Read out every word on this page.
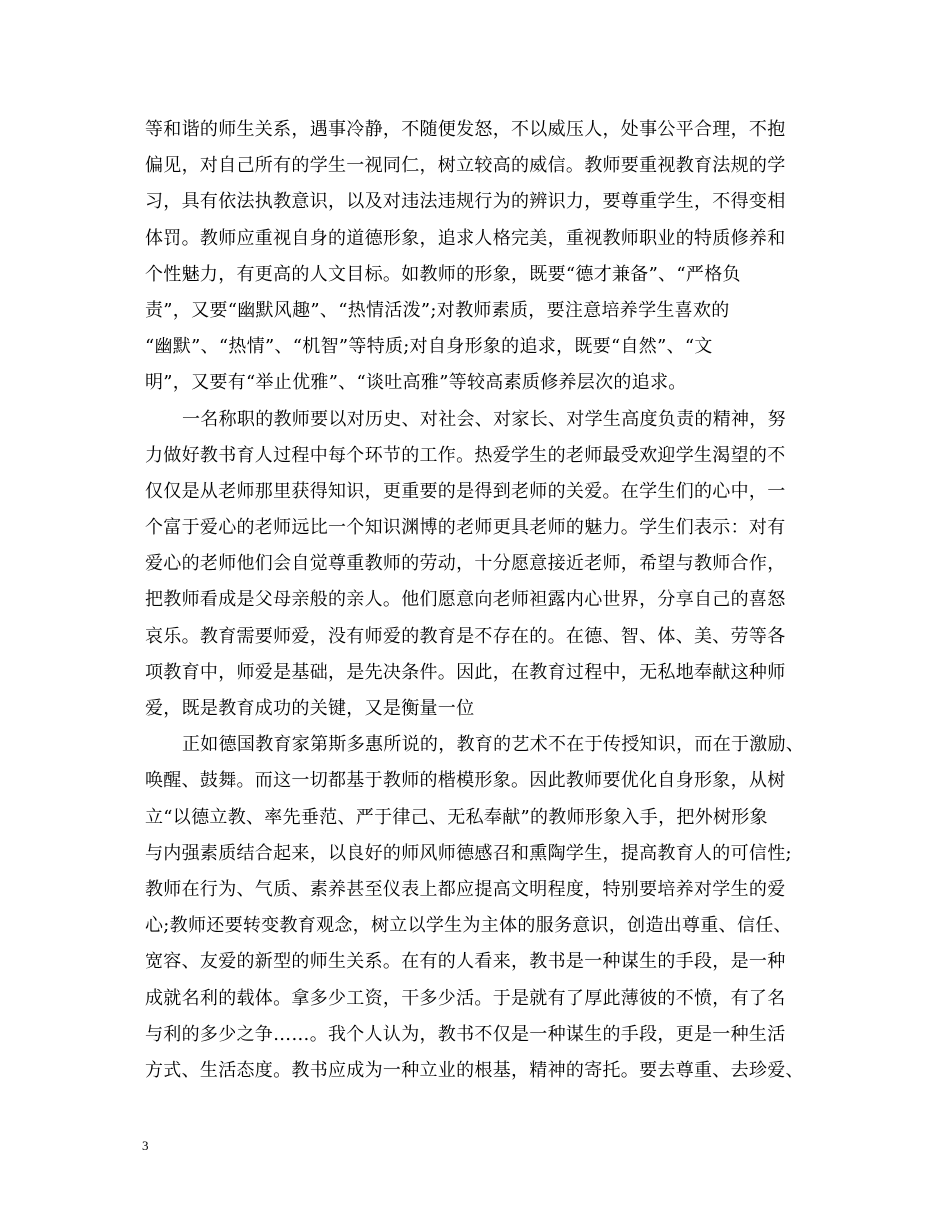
等和谐的师生关系，遇事冷静，不随便发怒，不以威压人，处事公平合理，不抱
偏见，对自己所有的学生一视同仁，树立较高的威信。教师要重视教育法规的学
习，具有依法执教意识，以及对违法违规行为的辨识力，要尊重学生，不得变相
体罚。教师应重视自身的道德形象，追求人格完美，重视教师职业的特质修养和
个性魅力，有更高的人文目标。如教师的形象，既要“德才兼备”、“严格负
责”，又要“幽默风趣”、“热情活泼”;对教师素质，要注意培养学生喜欢的
“幽默”、“热情”、“机智”等特质;对自身形象的追求，既要“自然”、“文
明”，又要有“举止优雅”、“谈吐高雅”等较高素质修养层次的追求。
一名称职的教师要以对历史、对社会、对家长、对学生高度负责的精神，努
力做好教书育人过程中每个环节的工作。热爱学生的老师最受欢迎学生渴望的不
仅仅是从老师那里获得知识，更重要的是得到老师的关爱。在学生们的心中，一
个富于爱心的老师远比一个知识渊博的老师更具老师的魅力。学生们表示：对有
爱心的老师他们会自觉尊重教师的劳动，十分愿意接近老师，希望与教师合作，
把教师看成是父母亲般的亲人。他们愿意向老师袒露内心世界，分享自己的喜怒
哀乐。教育需要师爱，没有师爱的教育是不存在的。在德、智、体、美、劳等各
项教育中，师爱是基础，是先决条件。因此，在教育过程中，无私地奉献这种师
爱，既是教育成功的关键，又是衡量一位
正如德国教育家第斯多惠所说的，教育的艺术不在于传授知识，而在于激励、
唤醒、鼓舞。而这一切都基于教师的楷模形象。因此教师要优化自身形象，从树
立“以德立教、率先垂范、严于律己、无私奉献”的教师形象入手，把外树形象
与内强素质结合起来，以良好的师风师德感召和熏陶学生，提高教育人的可信性;
教师在行为、气质、素养甚至仪表上都应提高文明程度，特别要培养对学生的爱
心;教师还要转变教育观念，树立以学生为主体的服务意识，创造出尊重、信任、
宽容、友爱的新型的师生关系。在有的人看来，教书是一种谋生的手段，是一种
成就名利的载体。拿多少工资，干多少活。于是就有了厚此薄彼的不愤，有了名
与利的多少之争……。我个人认为，教书不仅是一种谋生的手段，更是一种生活
方式、生活态度。教书应成为一种立业的根基，精神的寄托。要去尊重、去珍爱、
3
